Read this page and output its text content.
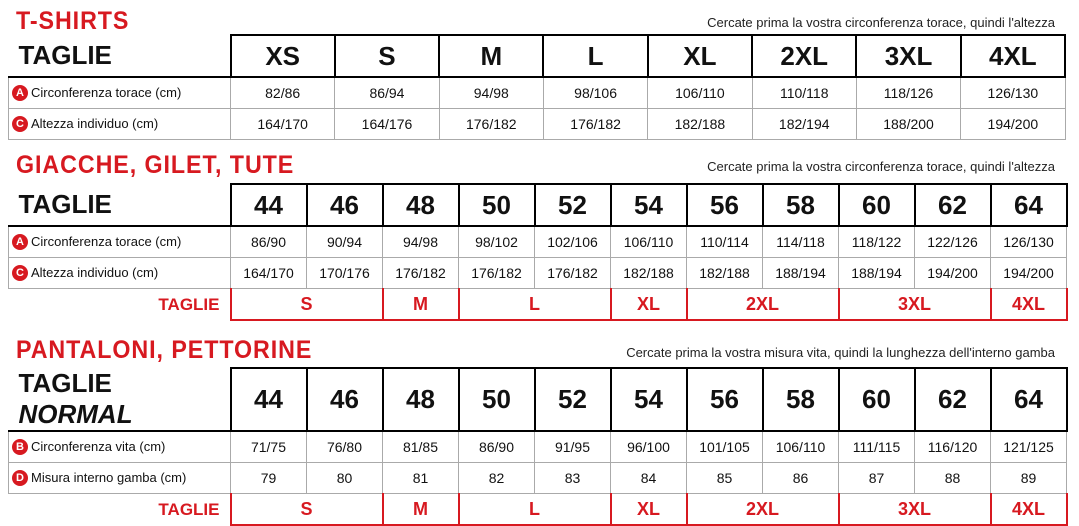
T-SHIRTS	Cercate prima la vostra circonferenza torace, quindi l'altezza
TAGLIE	XS	S	M	L	XL	2XL	3XL	4XL
A Circonferenza torace (cm)	82/86	86/94	94/98	98/106	106/110	110/118	118/126	126/130
C Altezza individuo (cm)	164/170	164/176	176/182	176/182	182/188	182/194	188/200	194/200
GIACCHE, GILET, TUTE	Cercate prima la vostra circonferenza torace, quindi l'altezza
TAGLIE	44	46	48	50	52	54	56	58	60	62	64
A Circonferenza torace (cm)	86/90	90/94	94/98	98/102	102/106	106/110	110/114	114/118	118/122	122/126	126/130
C Altezza individuo (cm)	164/170	170/176	176/182	176/182	176/182	182/188	182/188	188/194	188/194	194/200	194/200
TAGLIE	S		M	L		XL	2XL		3XL		4XL
PANTALONI, PETTORINE	Cercate prima la vostra misura vita, quindi la lunghezza dell'interno gamba
TAGLIE NORMAL	44	46	48	50	52	54	56	58	60	62	64
B Circonferenza vita (cm)	71/75	76/80	81/85	86/90	91/95	96/100	101/105	106/110	111/115	116/120	121/125
D Misura interno gamba (cm)	79	80	81	82	83	84	85	86	87	88	89
TAGLIE	S		M	L		XL	2XL		3XL		4XL
